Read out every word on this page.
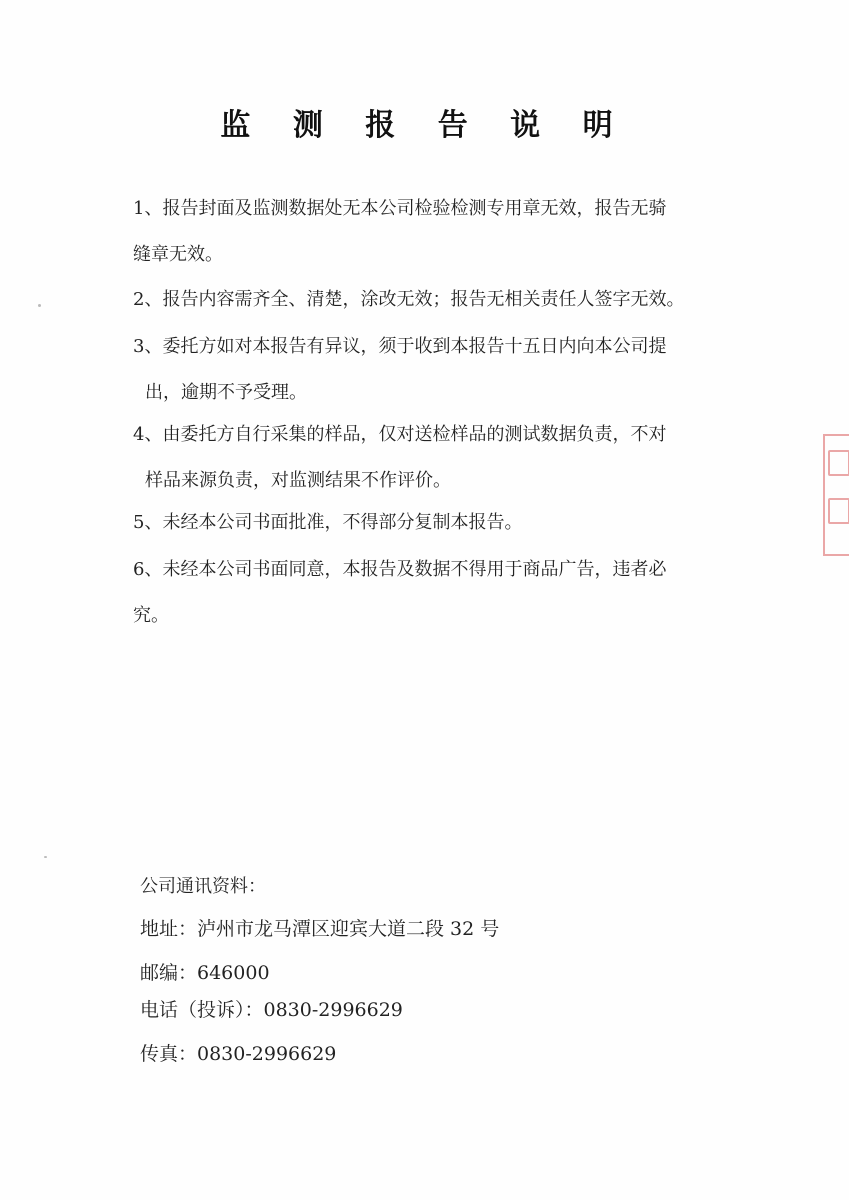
监 测 报 告 说 明
1、报告封面及监测数据处无本公司检验检测专用章无效，报告无骑
缝章无效。
2、报告内容需齐全、清楚，涂改无效；报告无相关责任人签字无效。
3、委托方如对本报告有异议，须于收到本报告十五日内向本公司提
出，逾期不予受理。
4、由委托方自行采集的样品，仅对送检样品的测试数据负责，不对
样品来源负责，对监测结果不作评价。
5、未经本公司书面批准，不得部分复制本报告。
6、未经本公司书面同意，本报告及数据不得用于商品广告，违者必
究。
公司通讯资料：
地址：泸州市龙马潭区迎宾大道二段 32 号
邮编：646000
电话（投诉）：0830-2996629
传真：0830-2996629
